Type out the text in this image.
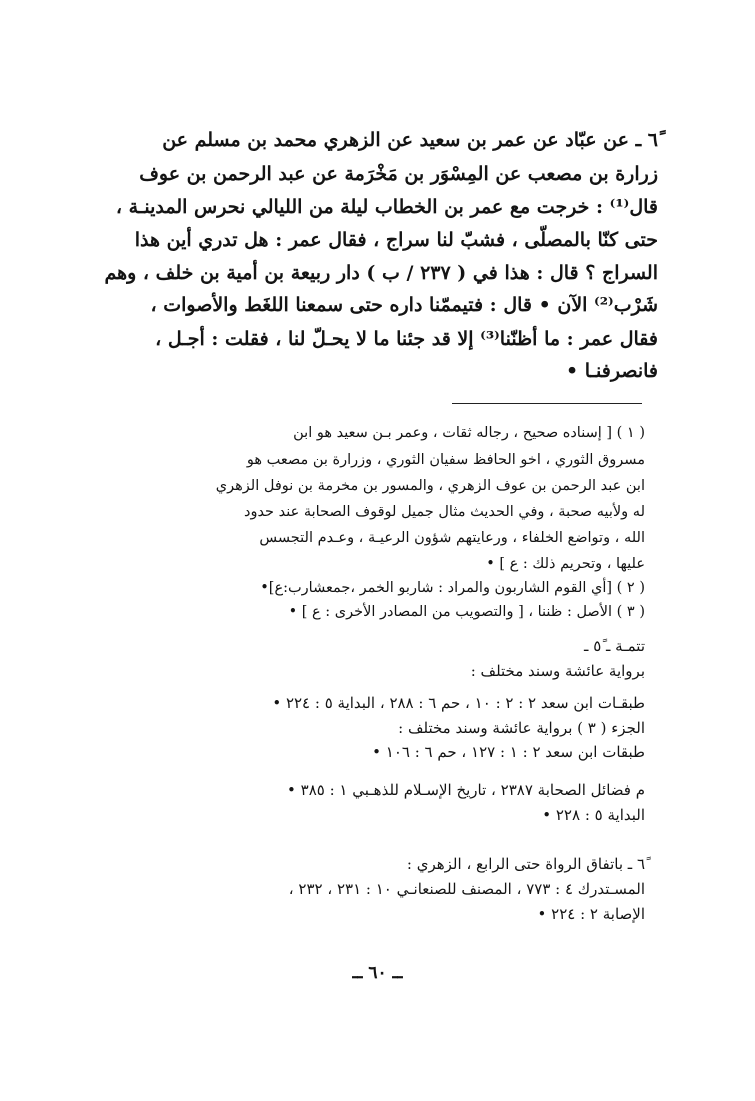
٦ً ـ عن عبّاد عن عمر بن سعيد عن الزهري محمد بن مسلم عن
زرارة بن مصعب عن المِسْوَر بن مَخْرَمة عن عبد الرحمن بن عوف
قال⁽¹⁾ : خرجت مع عمر بن الخطاب ليلة من الليالي نحرس المدينـة ،
حتى كنّا بالمصلّى ، فشبّ لنا سراج ، فقال عمر : هل تدري أين هذا
السراج ؟ قال : هذا في ( ٢٣٧ / ب ) دار ربيعة بن أمية بن خلف ، وهم
شَرْب⁽²⁾ الآن • قال : فتيممّنا داره حتى سمعنا اللغَط والأصوات ،
فقال عمر : ما أظنّنا⁽³⁾ إلا قد جئنا ما لا يحـلّ لنا ، فقلت : أجـل ،
فانصرفنـا •
( ١ ) [ إسناده صحيح ، رجاله ثقات ، وعمر بـن سعيد هو ابن
مسروق الثوري ، اخو الحافظ سفيان الثوري ، وزرارة بن مصعب هو
ابن عبد الرحمن بن عوف الزهري ، والمسور بن مخرمة بن نوفل الزهري
له ولأبيه صحبة ، وفي الحديث مثال جميل لوقوف الصحابة عند حدود
الله ، وتواضع الخلفاء ، ورعايتهم شؤون الرعيـة ، وعـدم التجسس
عليها ، وتحريم ذلك : ع ] •
( ٢ ) [أي القوم الشاربون والمراد : شاربو الخمر ،جمعشارب:ع]•
( ٣ ) الأصل : ظننا ، [ والتصويب من المصادر الأخرى : ع ] •
تتمـة ـ ٥ً ـ
برواية عائشة وسند مختلف :
طبقـات ابن سعد ٢ : ٢ : ١٠ ، حم ٦ : ٢٨٨ ، البداية ٥ : ٢٢٤ •
الجزء ( ٣ ) برواية عائشة وسند مختلف :
طبقات ابن سعد ٢ : ١ : ١٢٧ ، حم ٦ : ١٠٦ •
م فضائل الصحابة ٢٣٨٧ ، تاريخ الإسـلام للذهـبي ١ : ٣٨٥ •
البداية ٥ : ٢٢٨ •
٦ً ـ باتفاق الرواة حتى الرابع ، الزهري :
المسـتدرك ٤ : ٧٧٣ ، المصنف للصنعانـي ١٠ : ٢٣١ ، ٢٣٢ ،
الإصابة ٢ : ٢٢٤ •
ــ ٦٠ ــ
